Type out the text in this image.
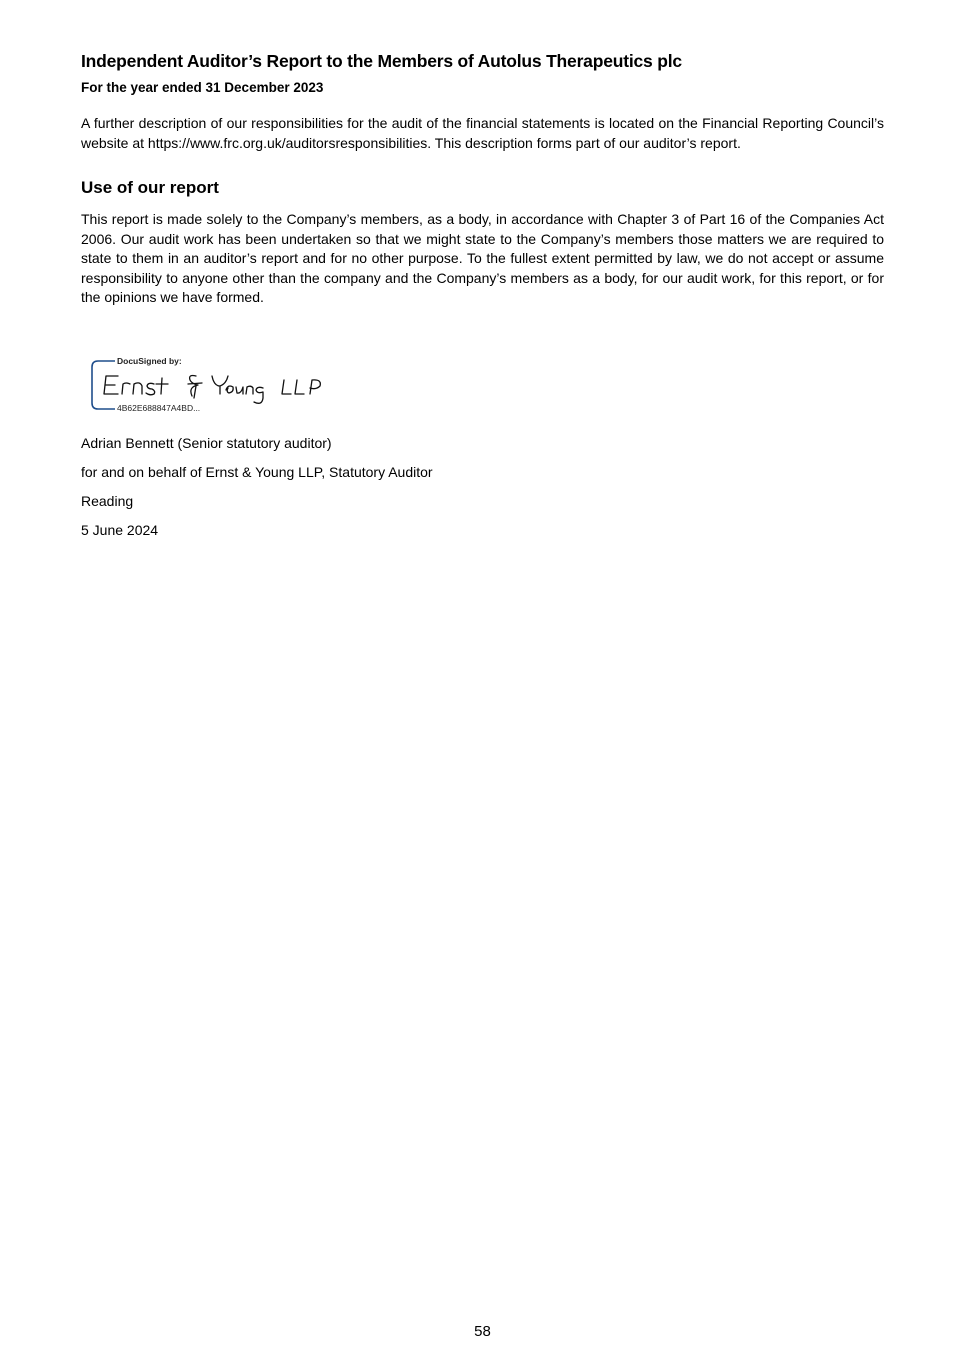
Independent Auditor’s Report to the Members of Autolus Therapeutics plc
For the year ended 31 December 2023
A further description of our responsibilities for the audit of the financial statements is located on the Financial Reporting Council’s website at https://www.frc.org.uk/auditorsresponsibilities. This description forms part of our auditor’s report.
Use of our report
This report is made solely to the Company’s members, as a body, in accordance with Chapter 3 of Part 16 of the Companies Act 2006. Our audit work has been undertaken so that we might state to the Company’s members those matters we are required to state to them in an auditor’s report and for no other purpose. To the fullest extent permitted by law, we do not accept or assume responsibility to anyone other than the company and the Company’s members as a body, for our audit work, for this report, or for the opinions we have formed.
DocuSigned by:
4B62E688847A4BD...
Adrian Bennett (Senior statutory auditor)
for and on behalf of Ernst & Young LLP, Statutory Auditor
Reading
5 June 2024
58
